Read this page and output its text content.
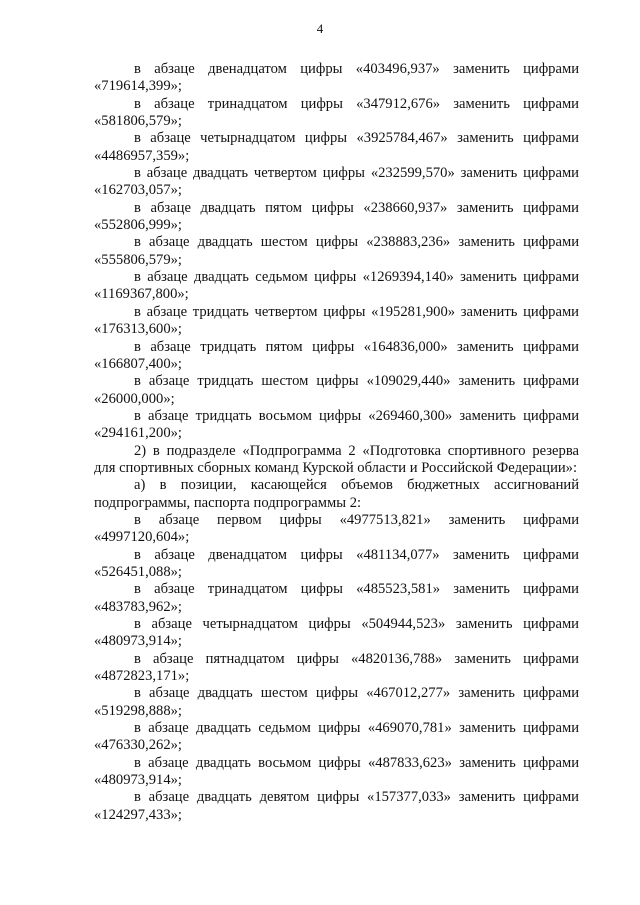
4

в абзаце двенадцатом цифры «403496,937» заменить цифрами «719614,399»;

в абзаце тринадцатом цифры «347912,676» заменить цифрами «581806,579»;

в абзаце четырнадцатом цифры «3925784,467» заменить цифрами «4486957,359»;

в абзаце двадцать четвертом цифры «232599,570» заменить цифрами «162703,057»;

в абзаце двадцать пятом цифры «238660,937» заменить цифрами «552806,999»;

в абзаце двадцать шестом цифры «238883,236» заменить цифрами «555806,579»;

в абзаце двадцать седьмом цифры «1269394,140» заменить цифрами «1169367,800»;

в абзаце тридцать четвертом цифры «195281,900» заменить цифрами «176313,600»;

в абзаце тридцать пятом цифры «164836,000» заменить цифрами «166807,400»;

в абзаце тридцать шестом цифры «109029,440» заменить цифрами «26000,000»;

в абзаце тридцать восьмом цифры «269460,300» заменить цифрами «294161,200»;

2) в подразделе «Подпрограмма 2 «Подготовка спортивного резерва для спортивных сборных команд Курской области и Российской Федерации»:

а) в позиции, касающейся объемов бюджетных ассигнований подпрограммы, паспорта подпрограммы 2:

в абзаце первом цифры «4977513,821» заменить цифрами «4997120,604»;

в абзаце двенадцатом цифры «481134,077» заменить цифрами «526451,088»;

в абзаце тринадцатом цифры «485523,581» заменить цифрами «483783,962»;

в абзаце четырнадцатом цифры «504944,523» заменить цифрами «480973,914»;

в абзаце пятнадцатом цифры «4820136,788» заменить цифрами «4872823,171»;

в абзаце двадцать шестом цифры «467012,277» заменить цифрами «519298,888»;

в абзаце двадцать седьмом цифры «469070,781» заменить цифрами «476330,262»;

в абзаце двадцать восьмом цифры «487833,623» заменить цифрами «480973,914»;

в абзаце двадцать девятом цифры «157377,033» заменить цифрами «124297,433»;
